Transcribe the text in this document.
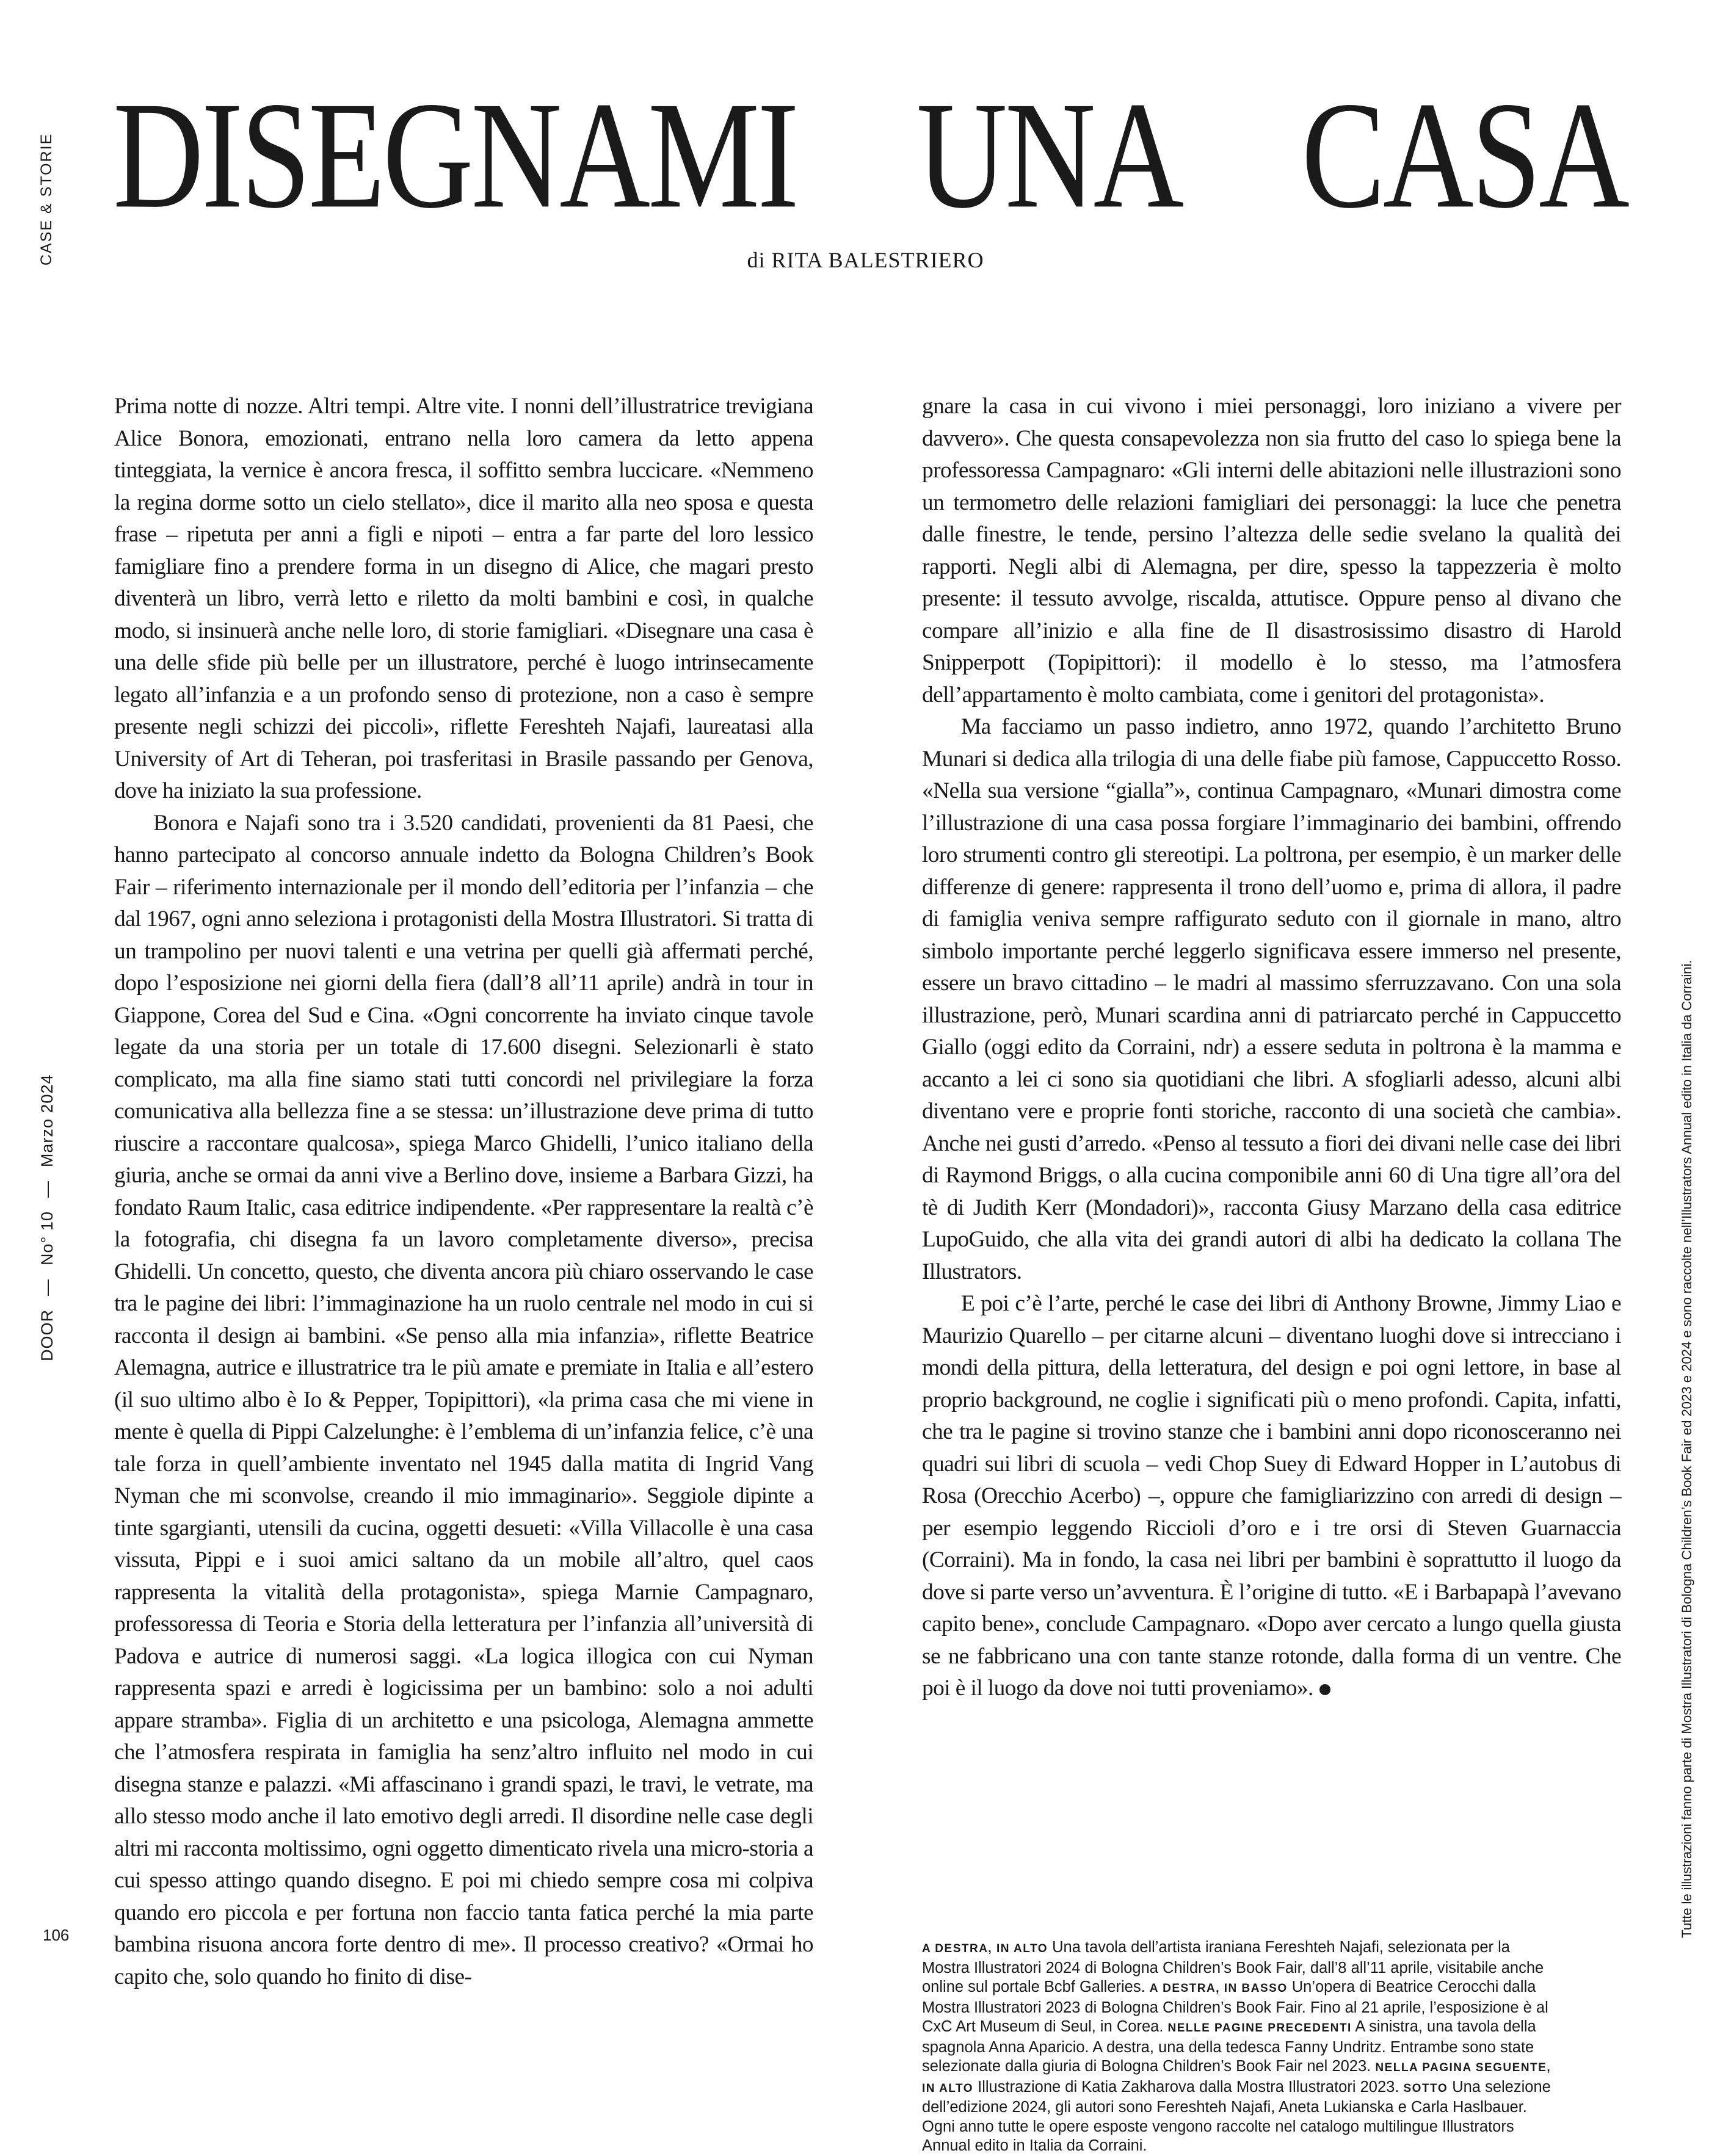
CASE & STORIE
DOOR—No° 10—Marzo 2024
106
DISEGNAMI UNA CASA
di RITA BALESTRIERO

Prima notte di nozze. Altri tempi. Altre vite. I nonni dell’illustratrice trevigiana Alice Bonora, emozionati, entrano nella loro camera da letto appena tinteggiata, la vernice è ancora fresca, il soffitto sembra luccicare. «Nemmeno la regina dorme sotto un cielo stellato», dice il marito alla neo sposa e questa frase – ripetuta per anni a figli e nipoti – entra a far parte del loro lessico famigliare fino a prendere forma in un disegno di Alice, che magari presto diventerà un libro, verrà letto e riletto da molti bambini e così, in qualche modo, si insinuerà anche nelle loro, di storie famigliari. «Disegnare una casa è una delle sfide più belle per un illustratore, perché è luogo intrinsecamente legato all’infanzia e a un profondo senso di protezione, non a caso è sempre presente negli schizzi dei piccoli», riflette Fereshteh Najafi, laureatasi alla University of Art di Teheran, poi trasferitasi in Brasile passando per Genova, dove ha iniziato la sua professione.

Bonora e Najafi sono tra i 3.520 candidati, provenienti da 81 Paesi, che hanno partecipato al concorso annuale indetto da Bologna Children’s Book Fair – riferimento internazionale per il mondo dell’editoria per l’infanzia – che dal 1967, ogni anno seleziona i protagonisti della Mostra Illustratori. Si tratta di un trampolino per nuovi talenti e una vetrina per quelli già affermati perché, dopo l’esposizione nei giorni della fiera (dall’8 all’11 aprile) andrà in tour in Giappone, Corea del Sud e Cina. «Ogni concorrente ha inviato cinque tavole legate da una storia per un totale di 17.600 disegni. Selezionarli è stato complicato, ma alla fine siamo stati tutti concordi nel privilegiare la forza comunicativa alla bellezza fine a se stessa: un’illustrazione deve prima di tutto riuscire a raccontare qualcosa», spiega Marco Ghidelli, l’unico italiano della giuria, anche se ormai da anni vive a Berlino dove, insieme a Barbara Gizzi, ha fondato Raum Italic, casa editrice indipendente. «Per rappresentare la realtà c’è la fotografia, chi disegna fa un lavoro completamente diverso», precisa Ghidelli. Un concetto, questo, che diventa ancora più chiaro osservando le case tra le pagine dei libri: l’immaginazione ha un ruolo centrale nel modo in cui si racconta il design ai bambini. «Se penso alla mia infanzia», riflette Beatrice Alemagna, autrice e illustratrice tra le più amate e premiate in Italia e all’estero (il suo ultimo albo è Io & Pepper, Topipittori), «la prima casa che mi viene in mente è quella di Pippi Calzelunghe: è l’emblema di un’infanzia felice, c’è una tale forza in quell’ambiente inventato nel 1945 dalla matita di Ingrid Vang Nyman che mi sconvolse, creando il mio immaginario». Seggiole dipinte a tinte sgargianti, utensili da cucina, oggetti desueti: «Villa Villacolle è una casa vissuta, Pippi e i suoi amici saltano da un mobile all’altro, quel caos rappresenta la vitalità della protagonista», spiega Marnie Campagnaro, professoressa di Teoria e Storia della letteratura per l’infanzia all’università di Padova e autrice di numerosi saggi. «La logica illogica con cui Nyman rappresenta spazi e arredi è logicissima per un bambino: solo a noi adulti appare stramba». Figlia di un architetto e una psicologa, Alemagna ammette che l’atmosfera respirata in famiglia ha senz’altro influito nel modo in cui disegna stanze e palazzi. «Mi affascinano i grandi spazi, le travi, le vetrate, ma allo stesso modo anche il lato emotivo degli arredi. Il disordine nelle case degli altri mi racconta moltissimo, ogni oggetto dimenticato rivela una micro-storia a cui spesso attingo quando disegno. E poi mi chiedo sempre cosa mi colpiva quando ero piccola e per fortuna non faccio tanta fatica perché la mia parte bambina risuona ancora forte dentro di me». Il processo creativo? «Ormai ho capito che, solo quando ho finito di dise-

gnare la casa in cui vivono i miei personaggi, loro iniziano a vivere per davvero». Che questa consapevolezza non sia frutto del caso lo spiega bene la professoressa Campagnaro: «Gli interni delle abitazioni nelle illustrazioni sono un termometro delle relazioni famigliari dei personaggi: la luce che penetra dalle finestre, le tende, persino l’altezza delle sedie svelano la qualità dei rapporti. Negli albi di Alemagna, per dire, spesso la tappezzeria è molto presente: il tessuto avvolge, riscalda, attutisce. Oppure penso al divano che compare all’inizio e alla fine de Il disastrosissimo disastro di Harold Snipperpott (Topipittori): il modello è lo stesso, ma l’atmosfera dell’appartamento è molto cambiata, come i genitori del protagonista».

Ma facciamo un passo indietro, anno 1972, quando l’architetto Bruno Munari si dedica alla trilogia di una delle fiabe più famose, Cappuccetto Rosso. «Nella sua versione “gialla”», continua Campagnaro, «Munari dimostra come l’illustrazione di una casa possa forgiare l’immaginario dei bambini, offrendo loro strumenti contro gli stereotipi. La poltrona, per esempio, è un marker delle differenze di genere: rappresenta il trono dell’uomo e, prima di allora, il padre di famiglia veniva sempre raffigurato seduto con il giornale in mano, altro simbolo importante perché leggerlo significava essere immerso nel presente, essere un bravo cittadino – le madri al massimo sferruzzavano. Con una sola illustrazione, però, Munari scardina anni di patriarcato perché in Cappuccetto Giallo (oggi edito da Corraini, ndr) a essere seduta in poltrona è la mamma e accanto a lei ci sono sia quotidiani che libri. A sfogliarli adesso, alcuni albi diventano vere e proprie fonti storiche, racconto di una società che cambia». Anche nei gusti d’arredo. «Penso al tessuto a fiori dei divani nelle case dei libri di Raymond Briggs, o alla cucina componibile anni 60 di Una tigre all’ora del tè di Judith Kerr (Mondadori)», racconta Giusy Marzano della casa editrice LupoGuido, che alla vita dei grandi autori di albi ha dedicato la collana The Illustrators.

E poi c’è l’arte, perché le case dei libri di Anthony Browne, Jimmy Liao e Maurizio Quarello – per citarne alcuni – diventano luoghi dove si intrecciano i mondi della pittura, della letteratura, del design e poi ogni lettore, in base al proprio background, ne coglie i significati più o meno profondi. Capita, infatti, che tra le pagine si trovino stanze che i bambini anni dopo riconosceranno nei quadri sui libri di scuola – vedi Chop Suey di Edward Hopper in L’autobus di Rosa (Orecchio Acerbo) –, oppure che famigliarizzino con arredi di design – per esempio leggendo Riccioli d’oro e i tre orsi di Steven Guarnaccia (Corraini). Ma in fondo, la casa nei libri per bambini è soprattutto il luogo da dove si parte verso un’avventura. È l’origine di tutto. «E i Barbapapà l’avevano capito bene», conclude Campagnaro. «Dopo aver cercato a lungo quella giusta se ne fabbricano una con tante stanze rotonde, dalla forma di un ventre. Che poi è il luogo da dove noi tutti proveniamo».

A DESTRA, IN ALTO Una tavola dell’artista iraniana Fereshteh Najafi, selezionata per la Mostra Illustratori 2024 di Bologna Children’s Book Fair, dall’8 all’11 aprile, visitabile anche online sul portale Bcbf Galleries. A DESTRA, IN BASSO Un’opera di Beatrice Cerocchi dalla Mostra Illustratori 2023 di Bologna Children’s Book Fair. Fino al 21 aprile, l’esposizione è al CxC Art Museum di Seul, in Corea. NELLE PAGINE PRECEDENTI A sinistra, una tavola della spagnola Anna Aparicio. A destra, una della tedesca Fanny Undritz. Entrambe sono state selezionate dalla giuria di Bologna Children’s Book Fair nel 2023. NELLA PAGINA SEGUENTE, IN ALTO Illustrazione di Katia Zakharova dalla Mostra Illustratori 2023. SOTTO Una selezione dell’edizione 2024, gli autori sono Fereshteh Najafi, Aneta Lukianska e Carla Haslbauer. Ogni anno tutte le opere esposte vengono raccolte nel catalogo multilingue Illustrators Annual edito in Italia da Corraini.
Tutte le illustrazioni fanno parte di Mostra Illustratori di Bologna Children’s Book Fair ed 2023 e 2024 e sono raccolte nell’Illustrators Annual edito in Italia da Corraini.
